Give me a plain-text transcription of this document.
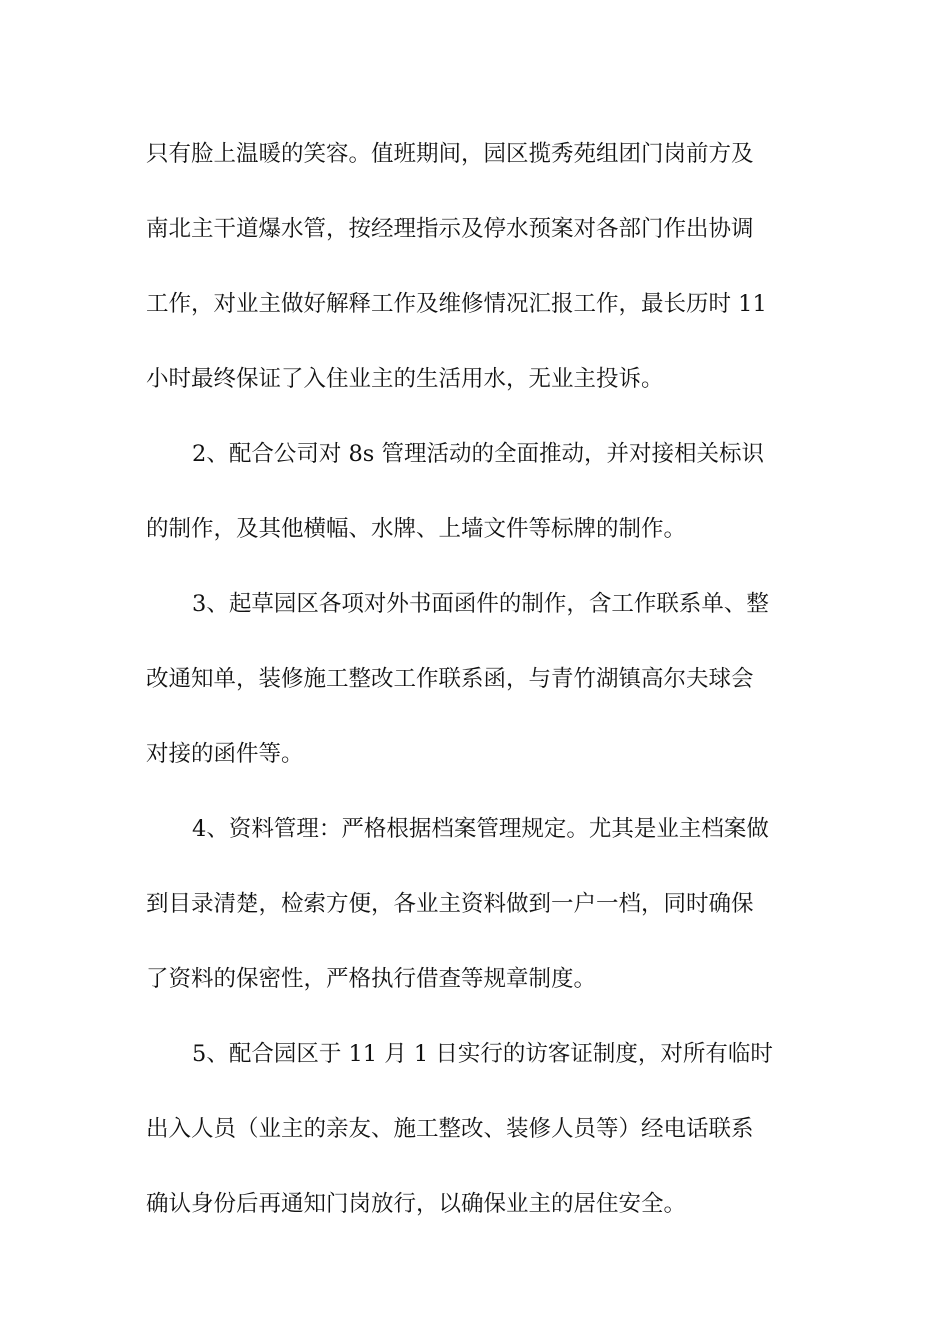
只有脸上温暖的笑容。值班期间，园区揽秀苑组团门岗前方及
南北主干道爆水管，按经理指示及停水预案对各部门作出协调
工作，对业主做好解释工作及维修情况汇报工作，最长历时 11
小时最终保证了入住业主的生活用水，无业主投诉。
2、配合公司对 8s 管理活动的全面推动，并对接相关标识
的制作，及其他横幅、水牌、上墙文件等标牌的制作。
3、起草园区各项对外书面函件的制作，含工作联系单、整
改通知单，装修施工整改工作联系函，与青竹湖镇高尔夫球会
对接的函件等。
4、资料管理：严格根据档案管理规定。尤其是业主档案做
到目录清楚，检索方便，各业主资料做到一户一档，同时确保
了资料的保密性，严格执行借查等规章制度。
5、配合园区于 11 月 1 日实行的访客证制度，对所有临时
出入人员（业主的亲友、施工整改、装修人员等）经电话联系
确认身份后再通知门岗放行，以确保业主的居住安全。
